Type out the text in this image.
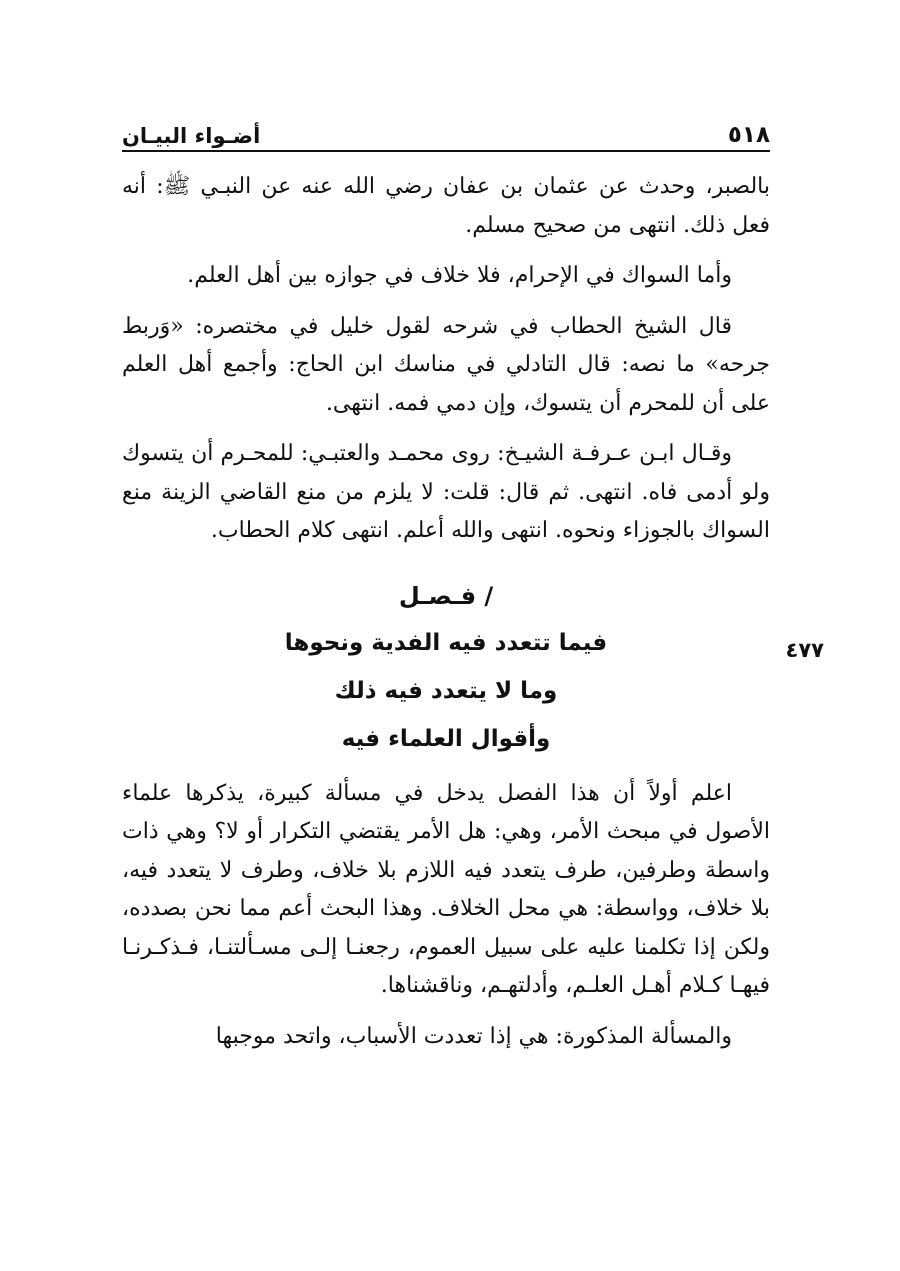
٥١٨
أضـواء البيـان
٤٧٧

بالصبر، وحدث عن عثمان بن عفان رضي الله عنه عن النبـي ﷺ: أنه فعل ذلك. انتهى من صحيح مسلم.

وأما السواك في الإحرام، فلا خلاف في جوازه بين أهل العلم.

قال الشيخ الحطاب في شرحه لقول خليل في مختصره: «وَربط جرحه» ما نصه: قال التادلي في مناسك ابن الحاج: وأجمع أهل العلم على أن للمحرم أن يتسوك، وإن دمي فمه. انتهى.

وقـال ابـن عـرفـة الشيـخ: روى محمـد والعتبـي: للمحـرم أن يتسوك ولو أدمى فاه. انتهى. ثم قال: قلت: لا يلزم من منع القاضي الزينة منع السواك بالجوزاء ونحوه. انتهى والله أعلم. انتهى كلام الحطاب.

/ فـصـل
فيما تتعدد فيه الفدية ونحوها
وما لا يتعدد فيه ذلك
وأقوال العلماء فيه

اعلم أولاً أن هذا الفصل يدخل في مسألة كبيرة، يذكرها علماء الأصول في مبحث الأمر، وهي: هل الأمر يقتضي التكرار أو لا؟ وهي ذات واسطة وطرفين، طرف يتعدد فيه اللازم بلا خلاف، وطرف لا يتعدد فيه، بلا خلاف، وواسطة: هي محل الخلاف. وهذا البحث أعم مما نحن بصدده، ولكن إذا تكلمنا عليه على سبيل العموم، رجعنـا إلـى مسـألتنـا، فـذكـرنـا فيهـا كـلام أهـل العلـم، وأدلتهـم، وناقشناها.

والمسألة المذكورة: هي إذا تعددت الأسباب، واتحد موجبها
